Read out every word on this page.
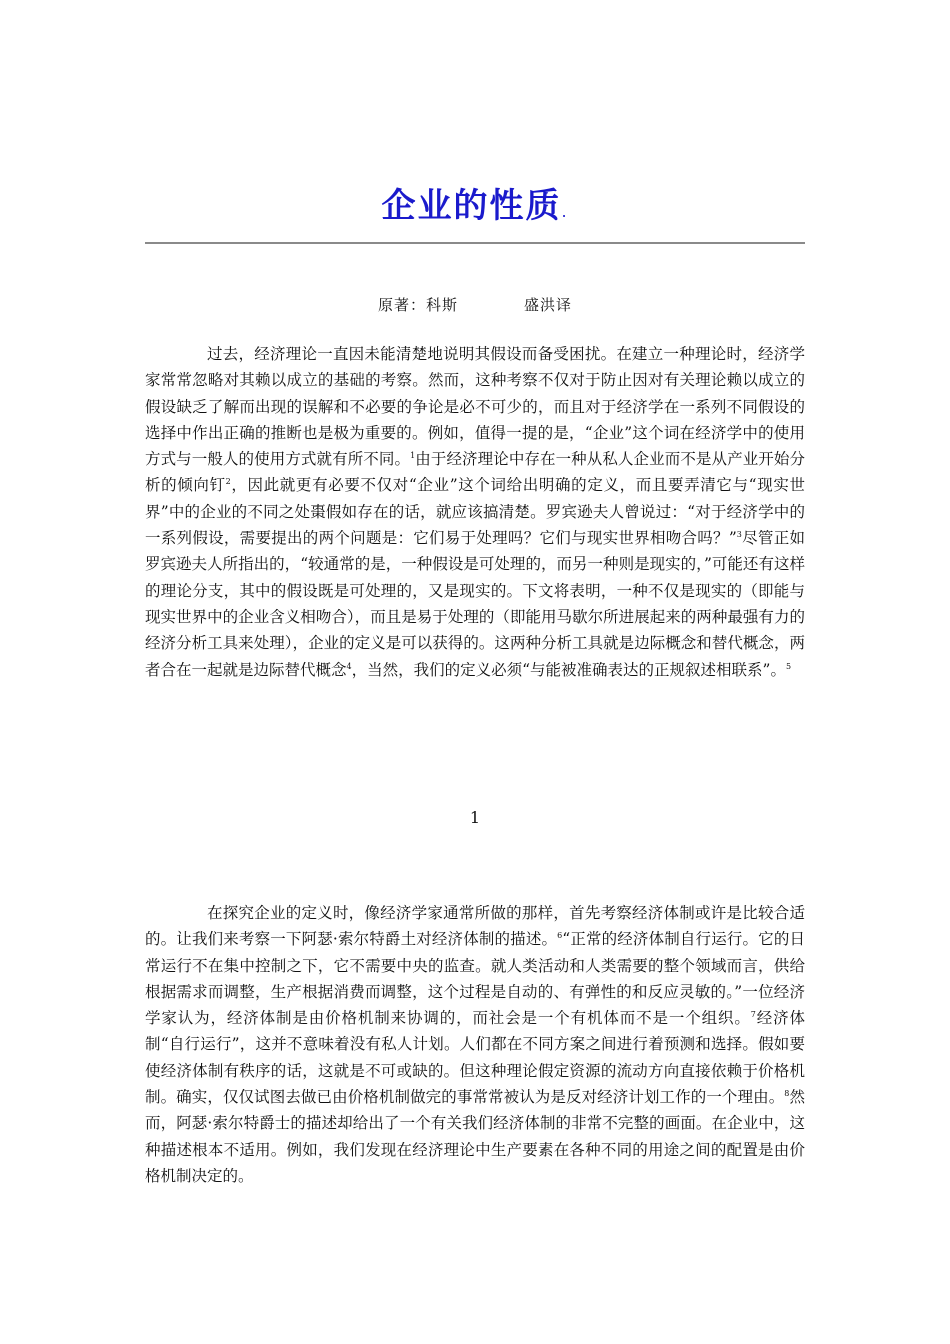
企业的性质.
原著：科斯	盛洪译

过去，经济理论一直因未能清楚地说明其假设而备受困扰。在建立一种理论时，经济学家常常忽略对其赖以成立的基础的考察。然而，这种考察不仅对于防止因对有关理论赖以成立的假设缺乏了解而出现的误解和不必要的争论是必不可少的，而且对于经济学在一系列不同假设的选择中作出正确的推断也是极为重要的。例如，值得一提的是，“企业”这个词在经济学中的使用方式与一般人的使用方式就有所不同。$^1$由于经济理论中存在一种从私人企业而不是从产业开始分析的倾向钉$^2$，因此就更有必要不仅对“企业”这个词给出明确的定义，而且要弄清它与“现实世界”中的企业的不同之处棗假如存在的话，就应该搞清楚。罗宾逊夫人曾说过：“对于经济学中的一系列假设，需要提出的两个问题是：它们易于处理吗？它们与现实世界相吻合吗？”$^3$尽管正如罗宾逊夫人所指出的，“较通常的是，一种假设是可处理的，而另一种则是现实的，”可能还有这样的理论分支，其中的假设既是可处理的，又是现实的。下文将表明，一种不仅是现实的（即能与现实世界中的企业含义相吻合），而且是易于处理的（即能用马歇尔所进展起来的两种最强有力的经济分析工具来处理），企业的定义是可以获得的。这两种分析工具就是边际概念和替代概念，两者合在一起就是边际替代概念$^4$，当然，我们的定义必须“与能被准确表达的正规叙述相联系”。$^5$

1

在探究企业的定义时，像经济学家通常所做的那样，首先考察经济体制或许是比较合适的。让我们来考察一下阿瑟·索尔特爵土对经济体制的描述。$^6$“正常的经济体制自行运行。它的日常运行不在集中控制之下，它不需要中央的监查。就人类活动和人类需要的整个领域而言，供给根据需求而调整，生产根据消费而调整，这个过程是自动的、有弹性的和反应灵敏的。”一位经济学家认为，经济体制是由价格机制来协调的，而社会是一个有机体而不是一个组织。$^7$经济体制“自行运行”，这并不意味着没有私人计划。人们都在不同方案之间进行着预测和选择。假如要使经济体制有秩序的话，这就是不可或缺的。但这种理论假定资源的流动方向直接依赖于价格机制。确实，仅仅试图去做已由价格机制做完的事常常被认为是反对经济计划工作的一个理由。$^8$然而，阿瑟·索尔特爵士的描述却给出了一个有关我们经济体制的非常不完整的画面。在企业中，这种描述根本不适用。例如，我们发现在经济理论中生产要素在各种不同的用途之间的配置是由价格机制决定的。
